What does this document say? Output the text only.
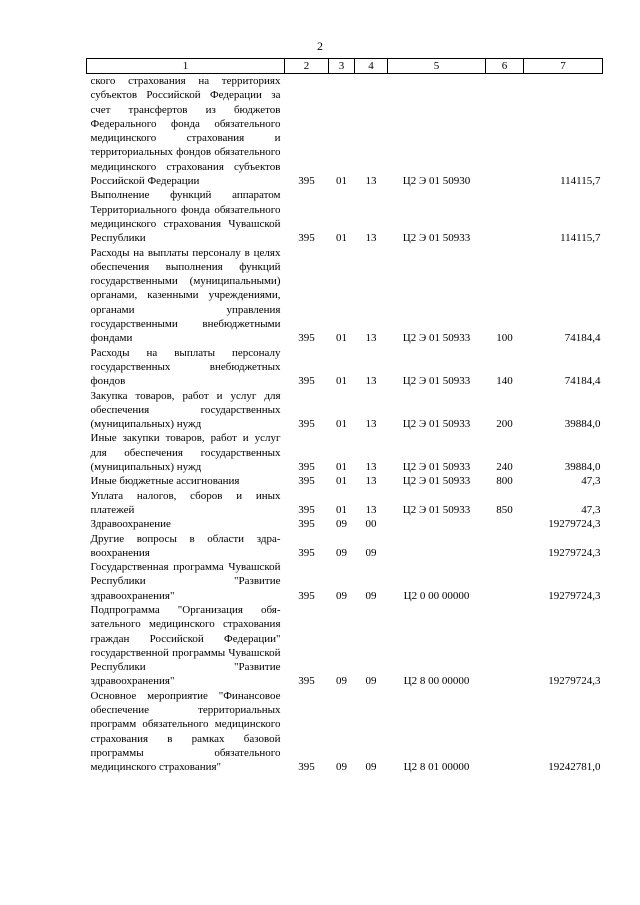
2
1	2	3	4	5	6	7
ского страхования на территориях субъектов Российской Федерации за счет трансфертов из бюджетов Федерального фонда обязательного медицинского страхования и территориальных фондов обязательного медицинского страхования субъектов Российской Федерации	395	01	13	Ц2 Э 01 50930		114115,7
Выполнение функций аппаратом Территориального фонда обязательного медицинского страхования Чувашской Республики	395	01	13	Ц2 Э 01 50933		114115,7
Расходы на выплаты персоналу в целях обеспечения выполнения функций государственными (муниципальными) органами, казенными учреждениями, органами управления государственными внебюджетными фондами	395	01	13	Ц2 Э 01 50933	100	74184,4
Расходы на выплаты персоналу государственных внебюджетных фондов	395	01	13	Ц2 Э 01 50933	140	74184,4
Закупка товаров, работ и услуг для обеспечения государственных (муниципальных) нужд	395	01	13	Ц2 Э 01 50933	200	39884,0
Иные закупки товаров, работ и услуг для обеспечения государственных (муниципальных) нужд	395	01	13	Ц2 Э 01 50933	240	39884,0
Иные бюджетные ассигнования	395	01	13	Ц2 Э 01 50933	800	47,3
Уплата налогов, сборов и иных платежей	395	01	13	Ц2 Э 01 50933	850	47,3
Здравоохранение	395	09	00			19279724,3
Другие вопросы в области здравоохранения	395	09	09			19279724,3
Государственная программа Чувашской Республики "Развитие здравоохранения"	395	09	09	Ц2 0 00 00000		19279724,3
Подпрограмма "Организация обязательного медицинского страхования граждан Российской Федерации" государственной программы Чувашской Республики "Развитие здравоохранения"	395	09	09	Ц2 8 00 00000		19279724,3
Основное мероприятие "Финансовое обеспечение территориальных программ обязательного медицинского страхования в рамках базовой программы обязательного медицинского страхования"	395	09	09	Ц2 8 01 00000		19242781,0
